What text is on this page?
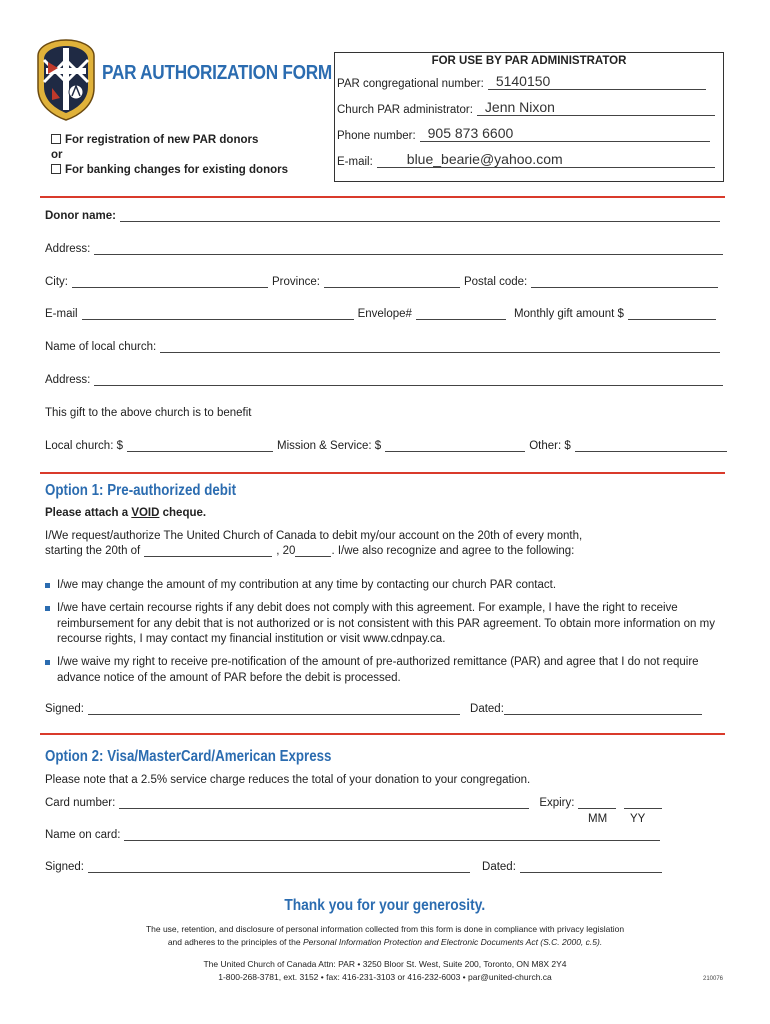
PAR AUTHORIZATION FORM
For registration of new PAR donors
or
For banking changes for existing donors
FOR USE BY PAR ADMINISTRATOR
PAR congregational number: 5140150
Church PAR administrator: Jenn Nixon
Phone number: 905 873 6600
E-mail: blue_bearie@yahoo.com
Donor name:
Address:
City:	Province:	Postal code:
E-mail	Envelope#	Monthly gift amount $
Name of local church:
Address:
This gift to the above church is to benefit
Local church: $	Mission & Service: $	Other: $
Option 1: Pre-authorized debit
Please attach a VOID cheque.
I/We request/authorize The United Church of Canada to debit my/our account on the 20th of every month,
starting the 20th of	, 20	. I/we also recognize and agree to the following:
I/we may change the amount of my contribution at any time by contacting our church PAR contact.
I/we have certain recourse rights if any debit does not comply with this agreement. For example, I have the right to receive reimbursement for any debit that is not authorized or is not consistent with this PAR agreement. To obtain more information on my recourse rights, I may contact my financial institution or visit www.cdnpay.ca.
I/we waive my right to receive pre-notification of the amount of pre-authorized remittance (PAR) and agree that I do not require advance notice of the amount of PAR before the debit is processed.
Signed:	Dated:
Option 2: Visa/MasterCard/American Express
Please note that a 2.5% service charge reduces the total of your donation to your congregation.
Card number:	Expiry:
MM YY
Name on card:
Signed:	Dated:
Thank you for your generosity.
The use, retention, and disclosure of personal information collected from this form is done in compliance with privacy legislation
and adheres to the principles of the Personal Information Protection and Electronic Documents Act (S.C. 2000, c.5).
The United Church of Canada Attn: PAR • 3250 Bloor St. West, Suite 200, Toronto, ON M8X 2Y4
1-800-268-3781, ext. 3152 • fax: 416-231-3103 or 416-232-6003 • par@united-church.ca	210076
